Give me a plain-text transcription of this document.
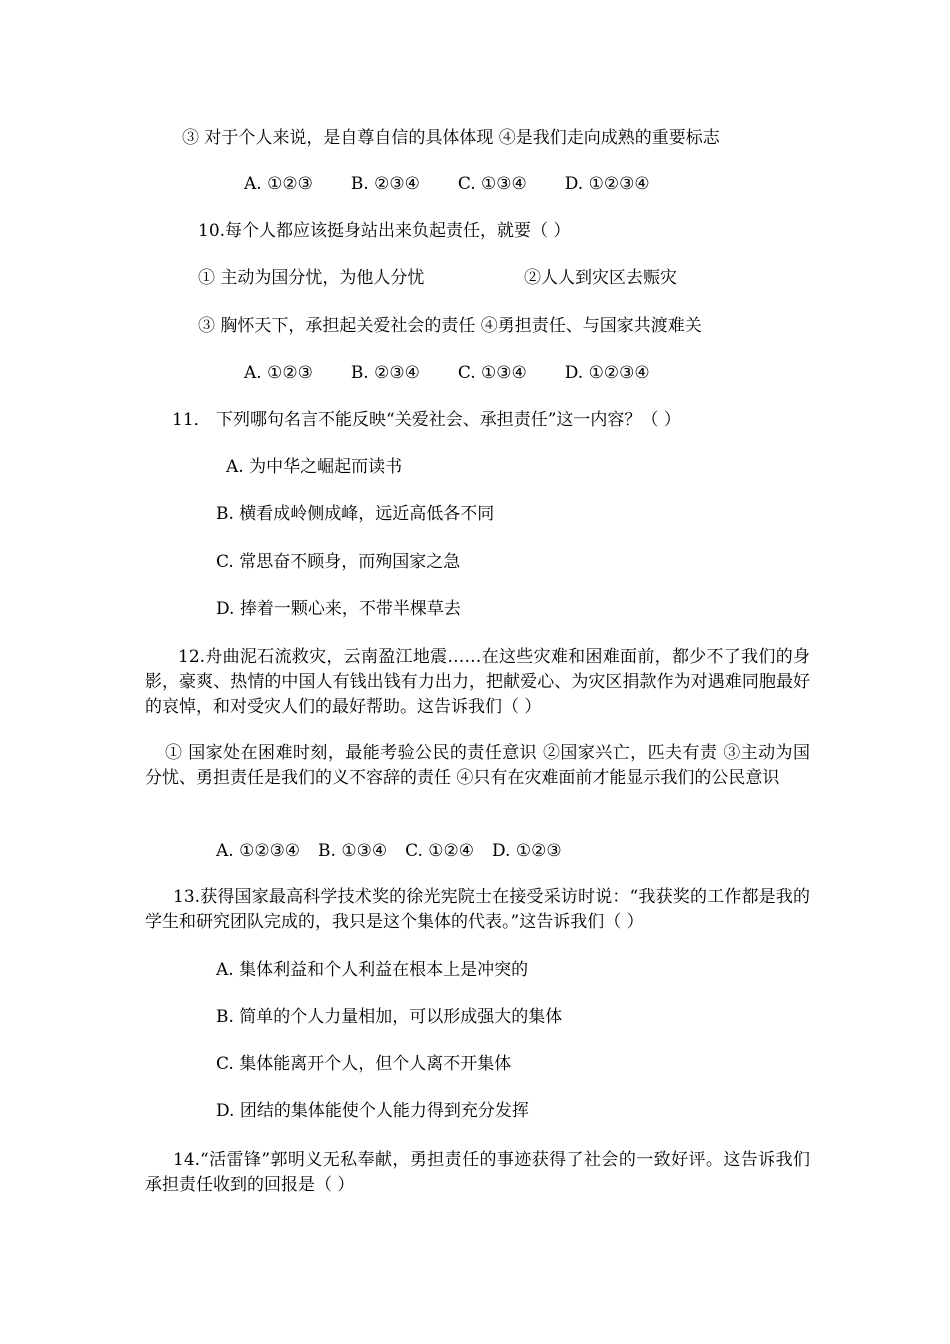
③ 对于个人来说，是自尊自信的具体体现 ④是我们走向成熟的重要标志
A. ①②③ B. ②③④ C. ①③④ D. ①②③④
10.每个人都应该挺身站出来负起责任，就要（ ）
① 主动为国分忧，为他人分忧	②人人到灾区去赈灾
③ 胸怀天下，承担起关爱社会的责任 ④勇担责任、与国家共渡难关
A. ①②③ B. ②③④ C. ①③④ D. ①②③④
11． 下列哪句名言不能反映“关爱社会、承担责任”这一内容？（ ）
A. 为中华之崛起而读书
B. 横看成岭侧成峰，远近高低各不同
C. 常思奋不顾身，而殉国家之急
D. 捧着一颗心来，不带半棵草去
12.舟曲泥石流救灾，云南盈江地震……在这些灾难和困难面前，都少不了我们的身影，豪爽、热情的中国人有钱出钱有力出力，把献爱心、为灾区捐款作为对遇难同胞最好的哀悼，和对受灾人们的最好帮助。这告诉我们（ ）
① 国家处在困难时刻，最能考验公民的责任意识 ②国家兴亡，匹夫有责 ③主动为国分忧、勇担责任是我们的义不容辞的责任 ④只有在灾难面前才能显示我们的公民意识
A. ①②③④ B. ①③④ C. ①②④ D. ①②③
13.获得国家最高科学技术奖的徐光宪院士在接受采访时说：“我获奖的工作都是我的学生和研究团队完成的，我只是这个集体的代表。”这告诉我们（ ）
A. 集体利益和个人利益在根本上是冲突的
B. 简单的个人力量相加，可以形成强大的集体
C. 集体能离开个人，但个人离不开集体
D. 团结的集体能使个人能力得到充分发挥
14.“活雷锋”郭明义无私奉献，勇担责任的事迹获得了社会的一致好评。这告诉我们承担责任收到的回报是（ ）
